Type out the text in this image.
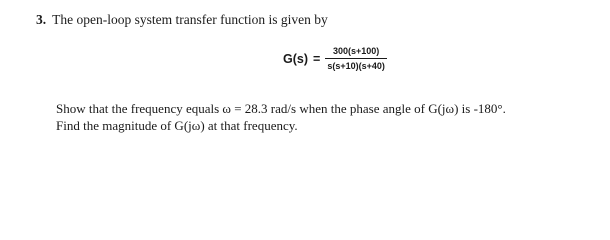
3. The open-loop system transfer function is given by
$G(s) = \frac{300(s+100)}{s(s+10)(s+40)}$
Show that the frequency equals ω = 28.3 rad/s when the phase angle of G(jω) is -180°.
Find the magnitude of G(jω) at that frequency.
